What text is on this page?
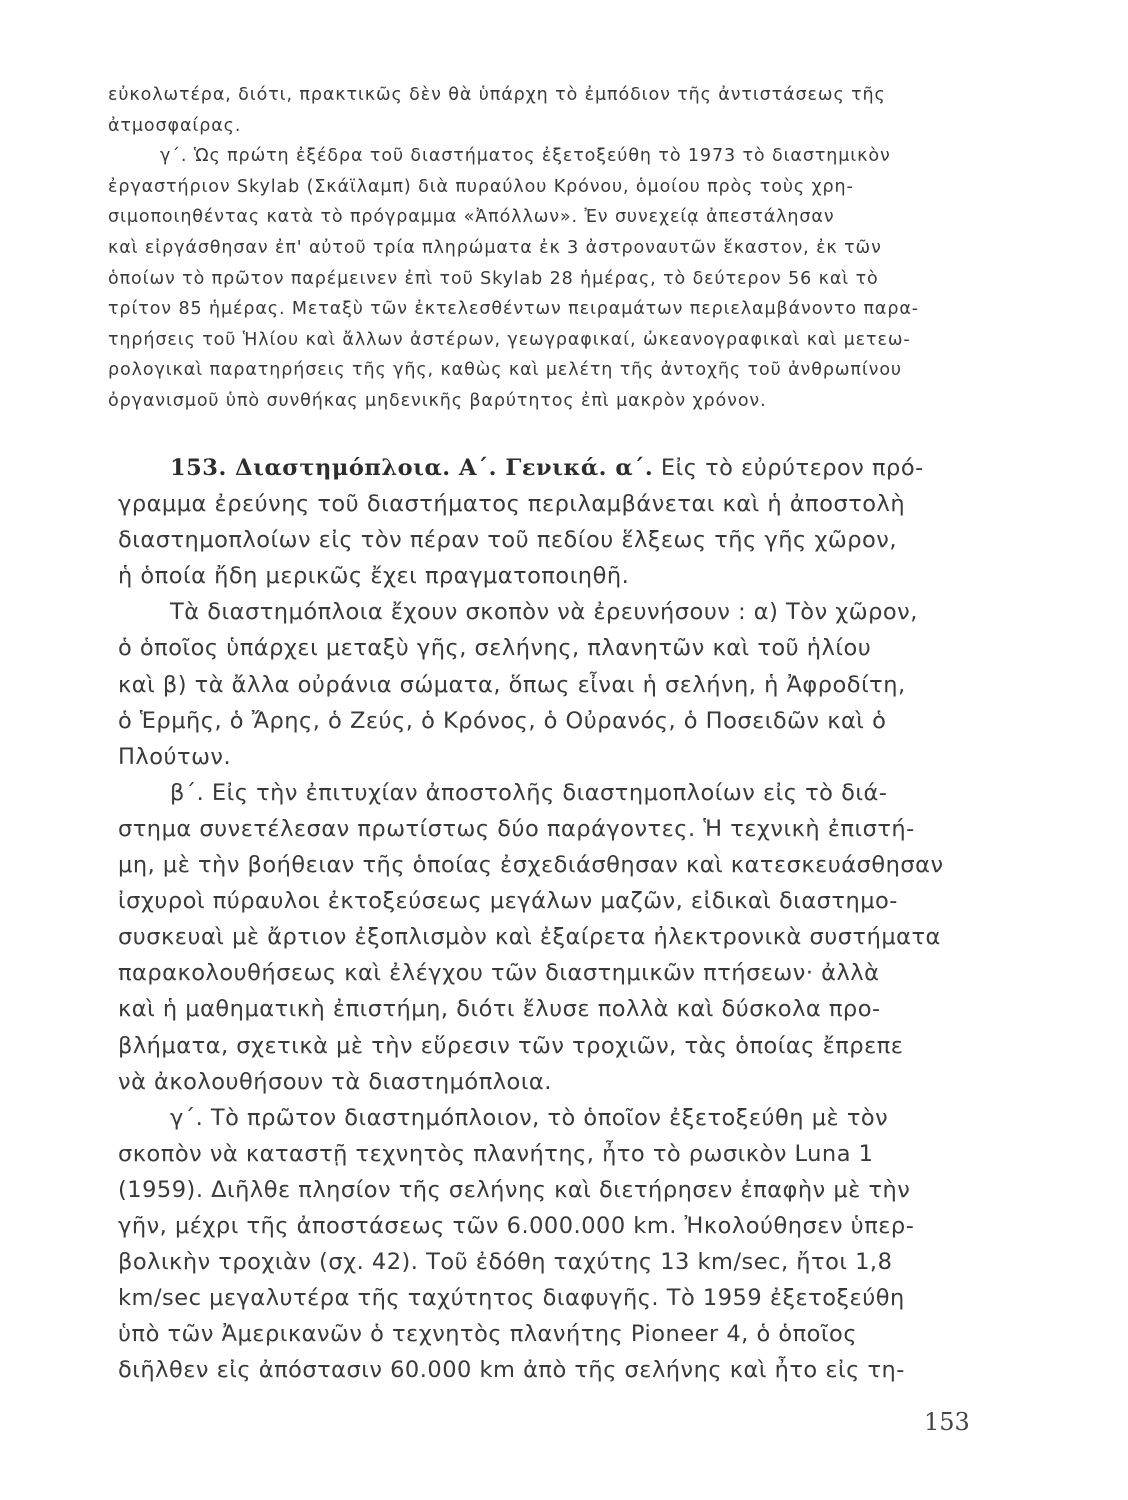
εὐκολωτέρα, διότι, πρακτικῶς δὲν θὰ ὑπάρχη τὸ ἐμπόδιον τῆς ἀντιστάσεως τῆς
ἀτμοσφαίρας.
γ΄. Ὡς πρώτη ἐξέδρα τοῦ διαστήματος ἐξετοξεύθη τὸ 1973 τὸ διαστημικὸν
ἐργαστήριον Skylab (Σκάϊλαμπ) διὰ πυραύλου Κρόνου, ὁμοίου πρὸς τοὺς χρη-
σιμοποιηθέντας κατὰ τὸ πρόγραμμα «Ἀπόλλων». Ἐν συνεχείᾳ ἀπεστάλησαν
καὶ εἰργάσθησαν ἐπ' αὐτοῦ τρία πληρώματα ἐκ 3 ἀστροναυτῶν ἕκαστον, ἐκ τῶν
ὁποίων τὸ πρῶτον παρέμεινεν ἐπὶ τοῦ Skylab 28 ἡμέρας, τὸ δεύτερον 56 καὶ τὸ
τρίτον 85 ἡμέρας. Μεταξὺ τῶν ἐκτελεσθέντων πειραμάτων περιελαμβάνοντο παρα-
τηρήσεις τοῦ Ἡλίου καὶ ἄλλων ἀστέρων, γεωγραφικαί, ὠκεανογραφικαὶ καὶ μετεω-
ρολογικαὶ παρατηρήσεις τῆς γῆς, καθὼς καὶ μελέτη τῆς ἀντοχῆς τοῦ ἀνθρωπίνου
ὀργανισμοῦ ὑπὸ συνθήκας μηδενικῆς βαρύτητος ἐπὶ μακρὸν χρόνον.
153. Διαστημόπλοια. Α΄. Γενικά. α΄. Εἰς τὸ εὐρύτερον πρό-
γραμμα ἐρεύνης τοῦ διαστήματος περιλαμβάνεται καὶ ἡ ἀποστολὴ
διαστημοπλοίων εἰς τὸν πέραν τοῦ πεδίου ἕλξεως τῆς γῆς χῶρον,
ἡ ὁποία ἤδη μερικῶς ἔχει πραγματοποιηθῆ.
Τὰ διαστημόπλοια ἔχουν σκοπὸν νὰ ἐρευνήσουν : α) Τὸν χῶρον,
ὁ ὁποῖος ὑπάρχει μεταξὺ γῆς, σελήνης, πλανητῶν καὶ τοῦ ἡλίου
καὶ β) τὰ ἄλλα οὐράνια σώματα, ὅπως εἶναι ἡ σελήνη, ἡ Ἀφροδίτη,
ὁ Ἑρμῆς, ὁ Ἄρης, ὁ Ζεύς, ὁ Κρόνος, ὁ Οὐρανός, ὁ Ποσειδῶν καὶ ὁ
Πλούτων.
β΄. Εἰς τὴν ἐπιτυχίαν ἀποστολῆς διαστημοπλοίων εἰς τὸ διά-
στημα συνετέλεσαν πρωτίστως δύο παράγοντες. Ἡ τεχνικὴ ἐπιστή-
μη, μὲ τὴν βοήθειαν τῆς ὁποίας ἐσχεδιάσθησαν καὶ κατεσκευάσθησαν
ἰσχυροὶ πύραυλοι ἐκτοξεύσεως μεγάλων μαζῶν, εἰδικαὶ διαστημο-
συσκευαὶ μὲ ἄρτιον ἐξοπλισμὸν καὶ ἐξαίρετα ἠλεκτρονικὰ συστήματα
παρακολουθήσεως καὶ ἐλέγχου τῶν διαστημικῶν πτήσεων· ἀλλὰ
καὶ ἡ μαθηματικὴ ἐπιστήμη, διότι ἔλυσε πολλὰ καὶ δύσκολα προ-
βλήματα, σχετικὰ μὲ τὴν εὕρεσιν τῶν τροχιῶν, τὰς ὁποίας ἔπρεπε
νὰ ἀκολουθήσουν τὰ διαστημόπλοια.
γ΄. Τὸ πρῶτον διαστημόπλοιον, τὸ ὁποῖον ἐξετοξεύθη μὲ τὸν
σκοπὸν νὰ καταστῇ τεχνητὸς πλανήτης, ἦτο τὸ ρωσικὸν Luna 1
(1959). Διῆλθε πλησίον τῆς σελήνης καὶ διετήρησεν ἐπαφὴν μὲ τὴν
γῆν, μέχρι τῆς ἀποστάσεως τῶν 6.000.000 km. Ἠκολούθησεν ὑπερ-
βολικὴν τροχιὰν (σχ. 42). Τοῦ ἐδόθη ταχύτης 13 km/sec, ἤτοι 1,8
km/sec μεγαλυτέρα τῆς ταχύτητος διαφυγῆς. Τὸ 1959 ἐξετοξεύθη
ὑπὸ τῶν Ἀμερικανῶν ὁ τεχνητὸς πλανήτης Pioneer 4, ὁ ὁποῖος
διῆλθεν εἰς ἀπόστασιν 60.000 km ἀπὸ τῆς σελήνης καὶ ἦτο εἰς τη-
153
